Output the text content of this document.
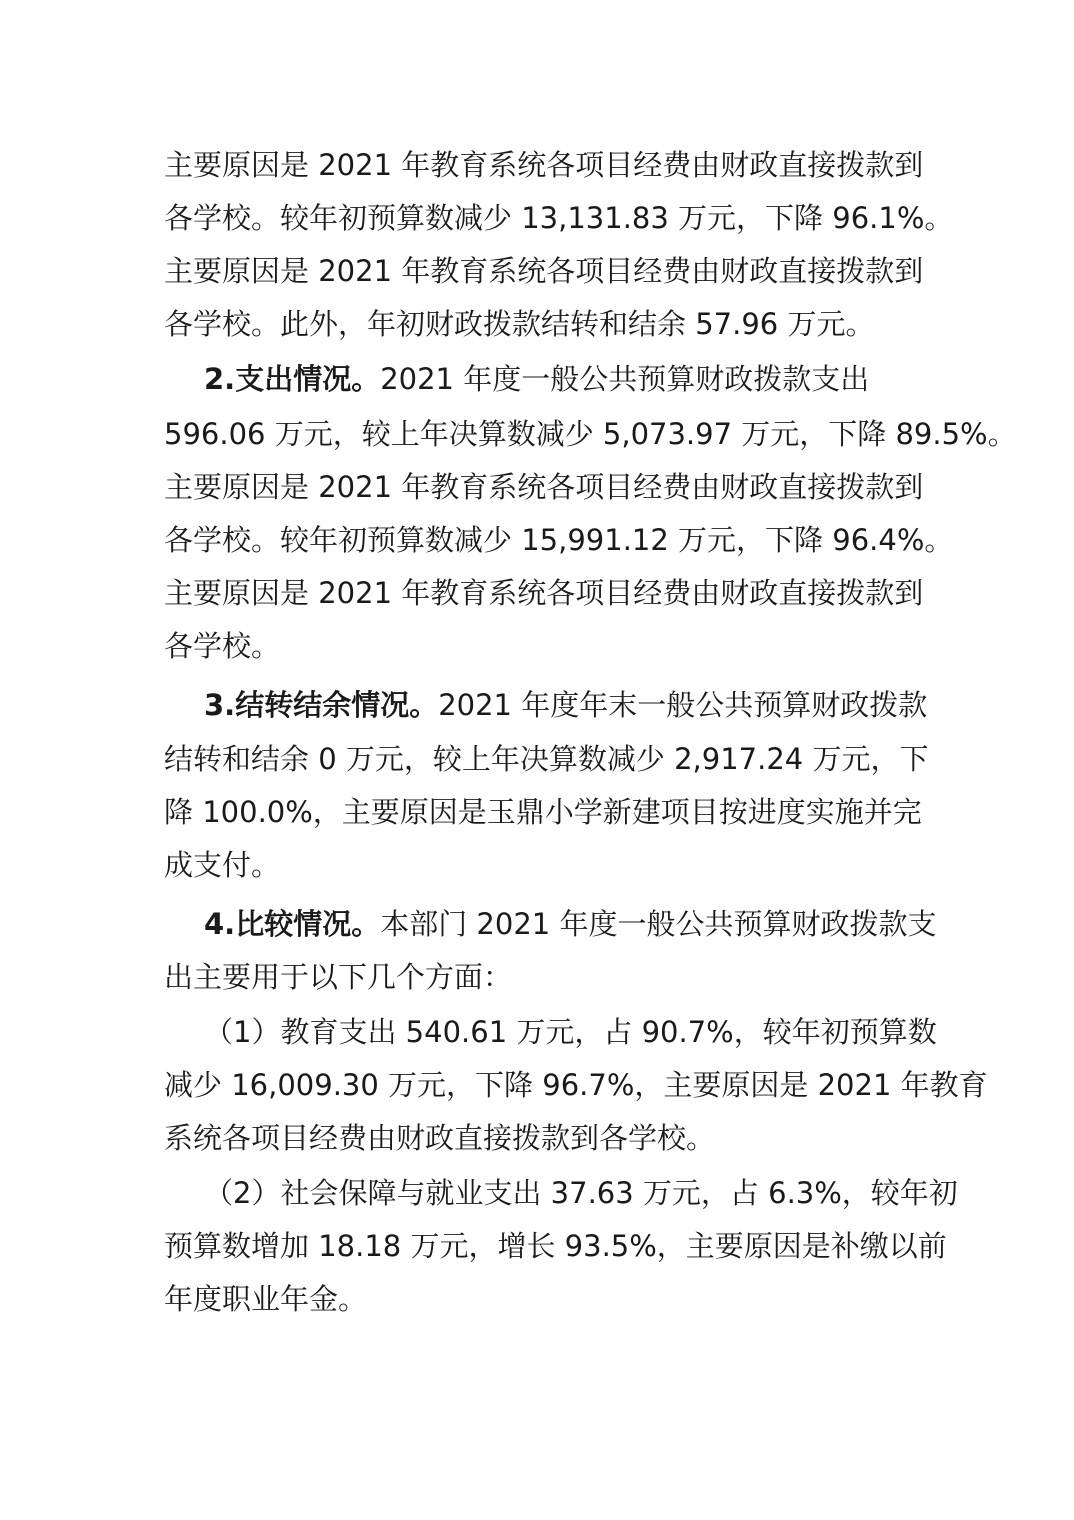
主要原因是 2021 年教育系统各项目经费由财政直接拨款到
各学校。较年初预算数减少 13,131.83 万元，下降 96.1%。
主要原因是 2021 年教育系统各项目经费由财政直接拨款到
各学校。此外，年初财政拨款结转和结余 57.96 万元。
2.支出情况。2021 年度一般公共预算财政拨款支出
596.06 万元，较上年决算数减少 5,073.97 万元，下降 89.5%。
主要原因是 2021 年教育系统各项目经费由财政直接拨款到
各学校。较年初预算数减少 15,991.12 万元，下降 96.4%。
主要原因是 2021 年教育系统各项目经费由财政直接拨款到
各学校。
3.结转结余情况。2021 年度年末一般公共预算财政拨款
结转和结余 0 万元，较上年决算数减少 2,917.24 万元，下
降 100.0%，主要原因是玉鼎小学新建项目按进度实施并完
成支付。
4.比较情况。本部门 2021 年度一般公共预算财政拨款支
出主要用于以下几个方面：
（1）教育支出 540.61 万元，占 90.7%，较年初预算数
减少 16,009.30 万元，下降 96.7%，主要原因是 2021 年教育
系统各项目经费由财政直接拨款到各学校。
（2）社会保障与就业支出 37.63 万元，占 6.3%，较年初
预算数增加 18.18 万元，增长 93.5%，主要原因是补缴以前
年度职业年金。
